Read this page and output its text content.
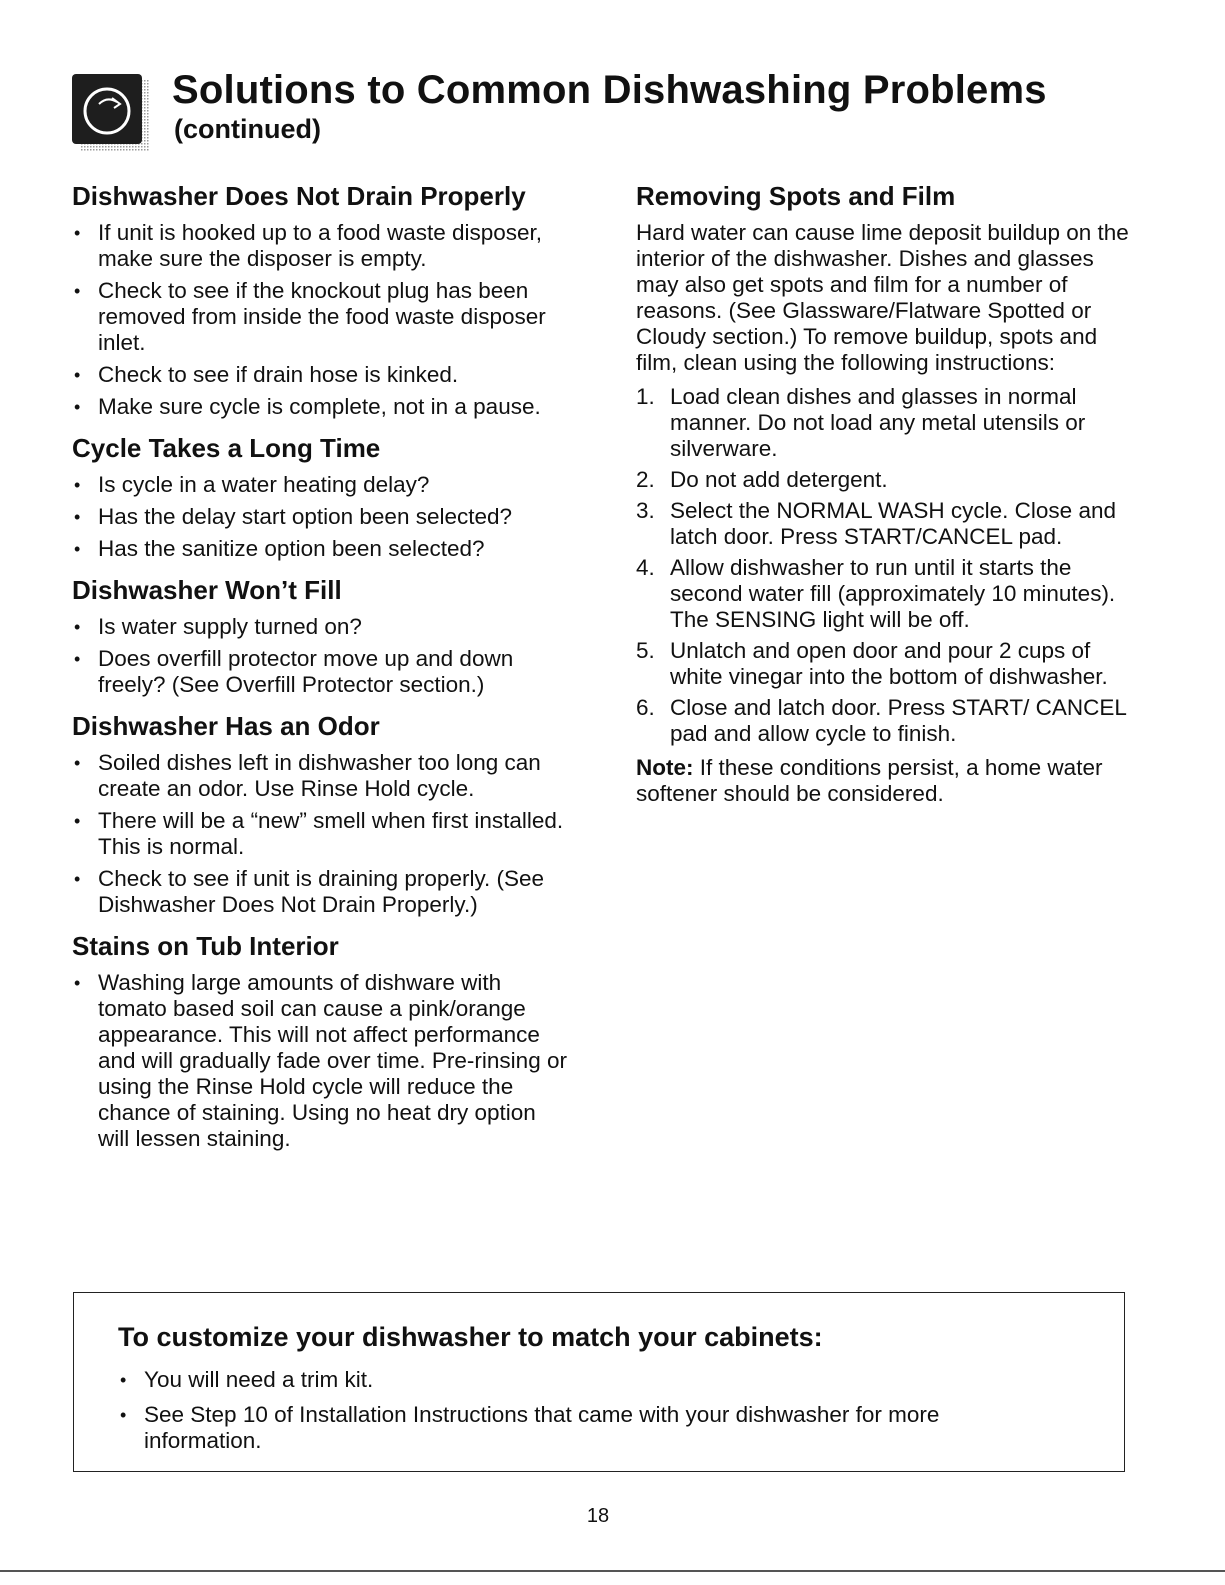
Solutions to Common Dishwashing Problems
(continued)
Dishwasher Does Not Drain Properly
• If unit is hooked up to a food waste disposer, make sure the disposer is empty.
• Check to see if the knockout plug has been removed from inside the food waste disposer inlet.
• Check to see if drain hose is kinked.
• Make sure cycle is complete, not in a pause.
Cycle Takes a Long Time
• Is cycle in a water heating delay?
• Has the delay start option been selected?
• Has the sanitize option been selected?
Dishwasher Won’t Fill
• Is water supply turned on?
• Does overfill protector move up and down freely? (See Overfill Protector section.)
Dishwasher Has an Odor
• Soiled dishes left in dishwasher too long can create an odor. Use Rinse Hold cycle.
• There will be a “new” smell when first installed. This is normal.
• Check to see if unit is draining properly. (See Dishwasher Does Not Drain Properly.)
Stains on Tub Interior
• Washing large amounts of dishware with tomato based soil can cause a pink/orange appearance. This will not affect performance and will gradually fade over time. Pre-rinsing or using the Rinse Hold cycle will reduce the chance of staining. Using no heat dry option will lessen staining.
Removing Spots and Film

Hard water can cause lime deposit buildup on the interior of the dishwasher. Dishes and glasses may also get spots and film for a number of reasons. (See Glassware/Flatware Spotted or Cloudy section.) To remove buildup, spots and film, clean using the following instructions:

1. Load clean dishes and glasses in normal manner. Do not load any metal utensils or silverware.
2. Do not add detergent.
3. Select the NORMAL WASH cycle. Close and latch door. Press START/CANCEL pad.
4. Allow dishwasher to run until it starts the second water fill (approximately 10 minutes). The SENSING light will be off.
5. Unlatch and open door and pour 2 cups of white vinegar into the bottom of dishwasher.
6. Close and latch door. Press START/ CANCEL pad and allow cycle to finish.

Note: If these conditions persist, a home water softener should be considered.

To customize your dishwasher to match your cabinets:
• You will need a trim kit.
• See Step 10 of Installation Instructions that came with your dishwasher for more information.
18
